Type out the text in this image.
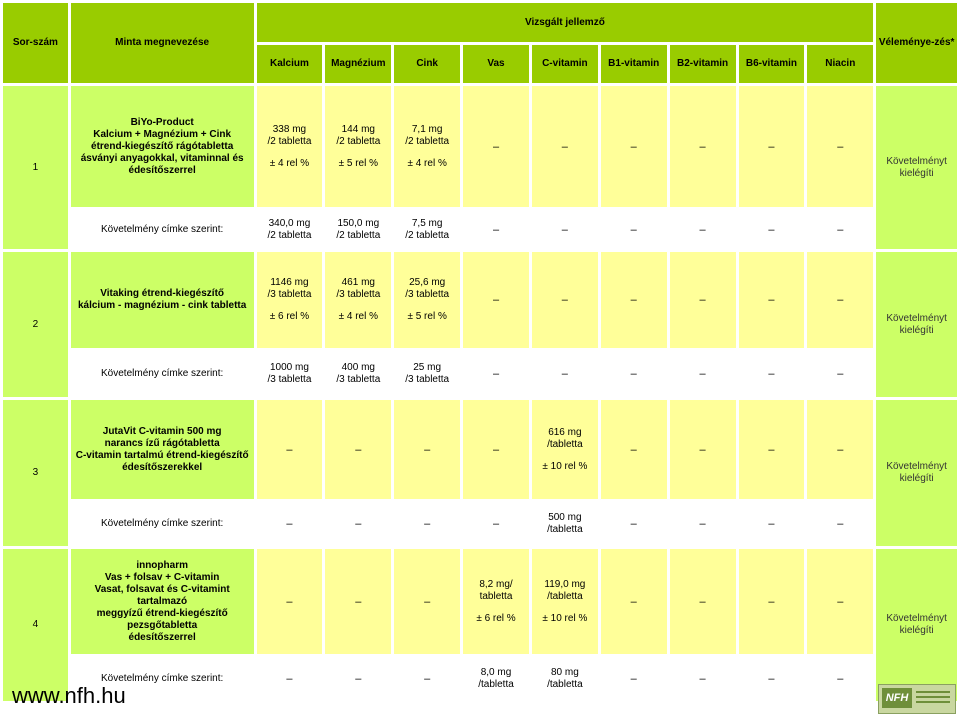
Sor-szám	Minta megnevezése	Vizsgált jellemző									Véleménye-zés*
		Kalcium	Magnézium	Cink	Vas	C-vitamin	B1-vitamin	B2-vitamin	B6-vitamin	Niacin	
1	BiYo-Product
Kalcium + Magnézium + Cink
étrend-kiegészítő rágótabletta
ásványi anyagokkal, vitaminnal és
édesítőszerrel	338 mg
/2 tabletta
± 4 rel %	144 mg
/2 tabletta
± 5 rel %	7,1 mg
/2 tabletta
± 4 rel %	–	–	–	–	–	–	Követelményt kielégíti
	Követelmény címke szerint:	340,0 mg
/2 tabletta	150,0 mg
/2 tabletta	7,5 mg
/2 tabletta	–	–	–	–	–	–	
2	Vitaking étrend-kiegészítő
kálcium - magnézium - cink tabletta	1146 mg
/3 tabletta
± 6 rel %	461 mg
/3 tabletta
± 4 rel %	25,6 mg
/3 tabletta
± 5 rel %	–	–	–	–	–	–	Követelményt kielégíti
	Követelmény címke szerint:	1000 mg
/3 tabletta	400 mg
/3 tabletta	25 mg
/3 tabletta	–	–	–	–	–	–	
3	JutaVit C-vitamin 500 mg
narancs ízű rágótabletta
C-vitamin tartalmú étrend-kiegészítő
édesítőszerekkel	–	–	–	–	616 mg
/tabletta
± 10 rel %	–	–	–	–	Követelményt kielégíti
	Követelmény címke szerint:	–	–	–	–	500 mg
/tabletta	–	–	–	–	
4	innopharm
Vas + folsav + C-vitamin
Vasat, folsavat és C-vitamint tartalmazó
meggyízű étrend-kiegészítő pezsgőtabletta
édesítőszerrel	–	–	–	8,2 mg/
tabletta
± 6 rel %	119,0 mg
/tabletta
± 10 rel %	–	–	–	–	Követelményt kielégíti
	Követelmény címke szerint:	–	–	–	8,0 mg
/tabletta	80 mg
/tabletta	–	–	–	–	
www.nfh.hu	NFH
